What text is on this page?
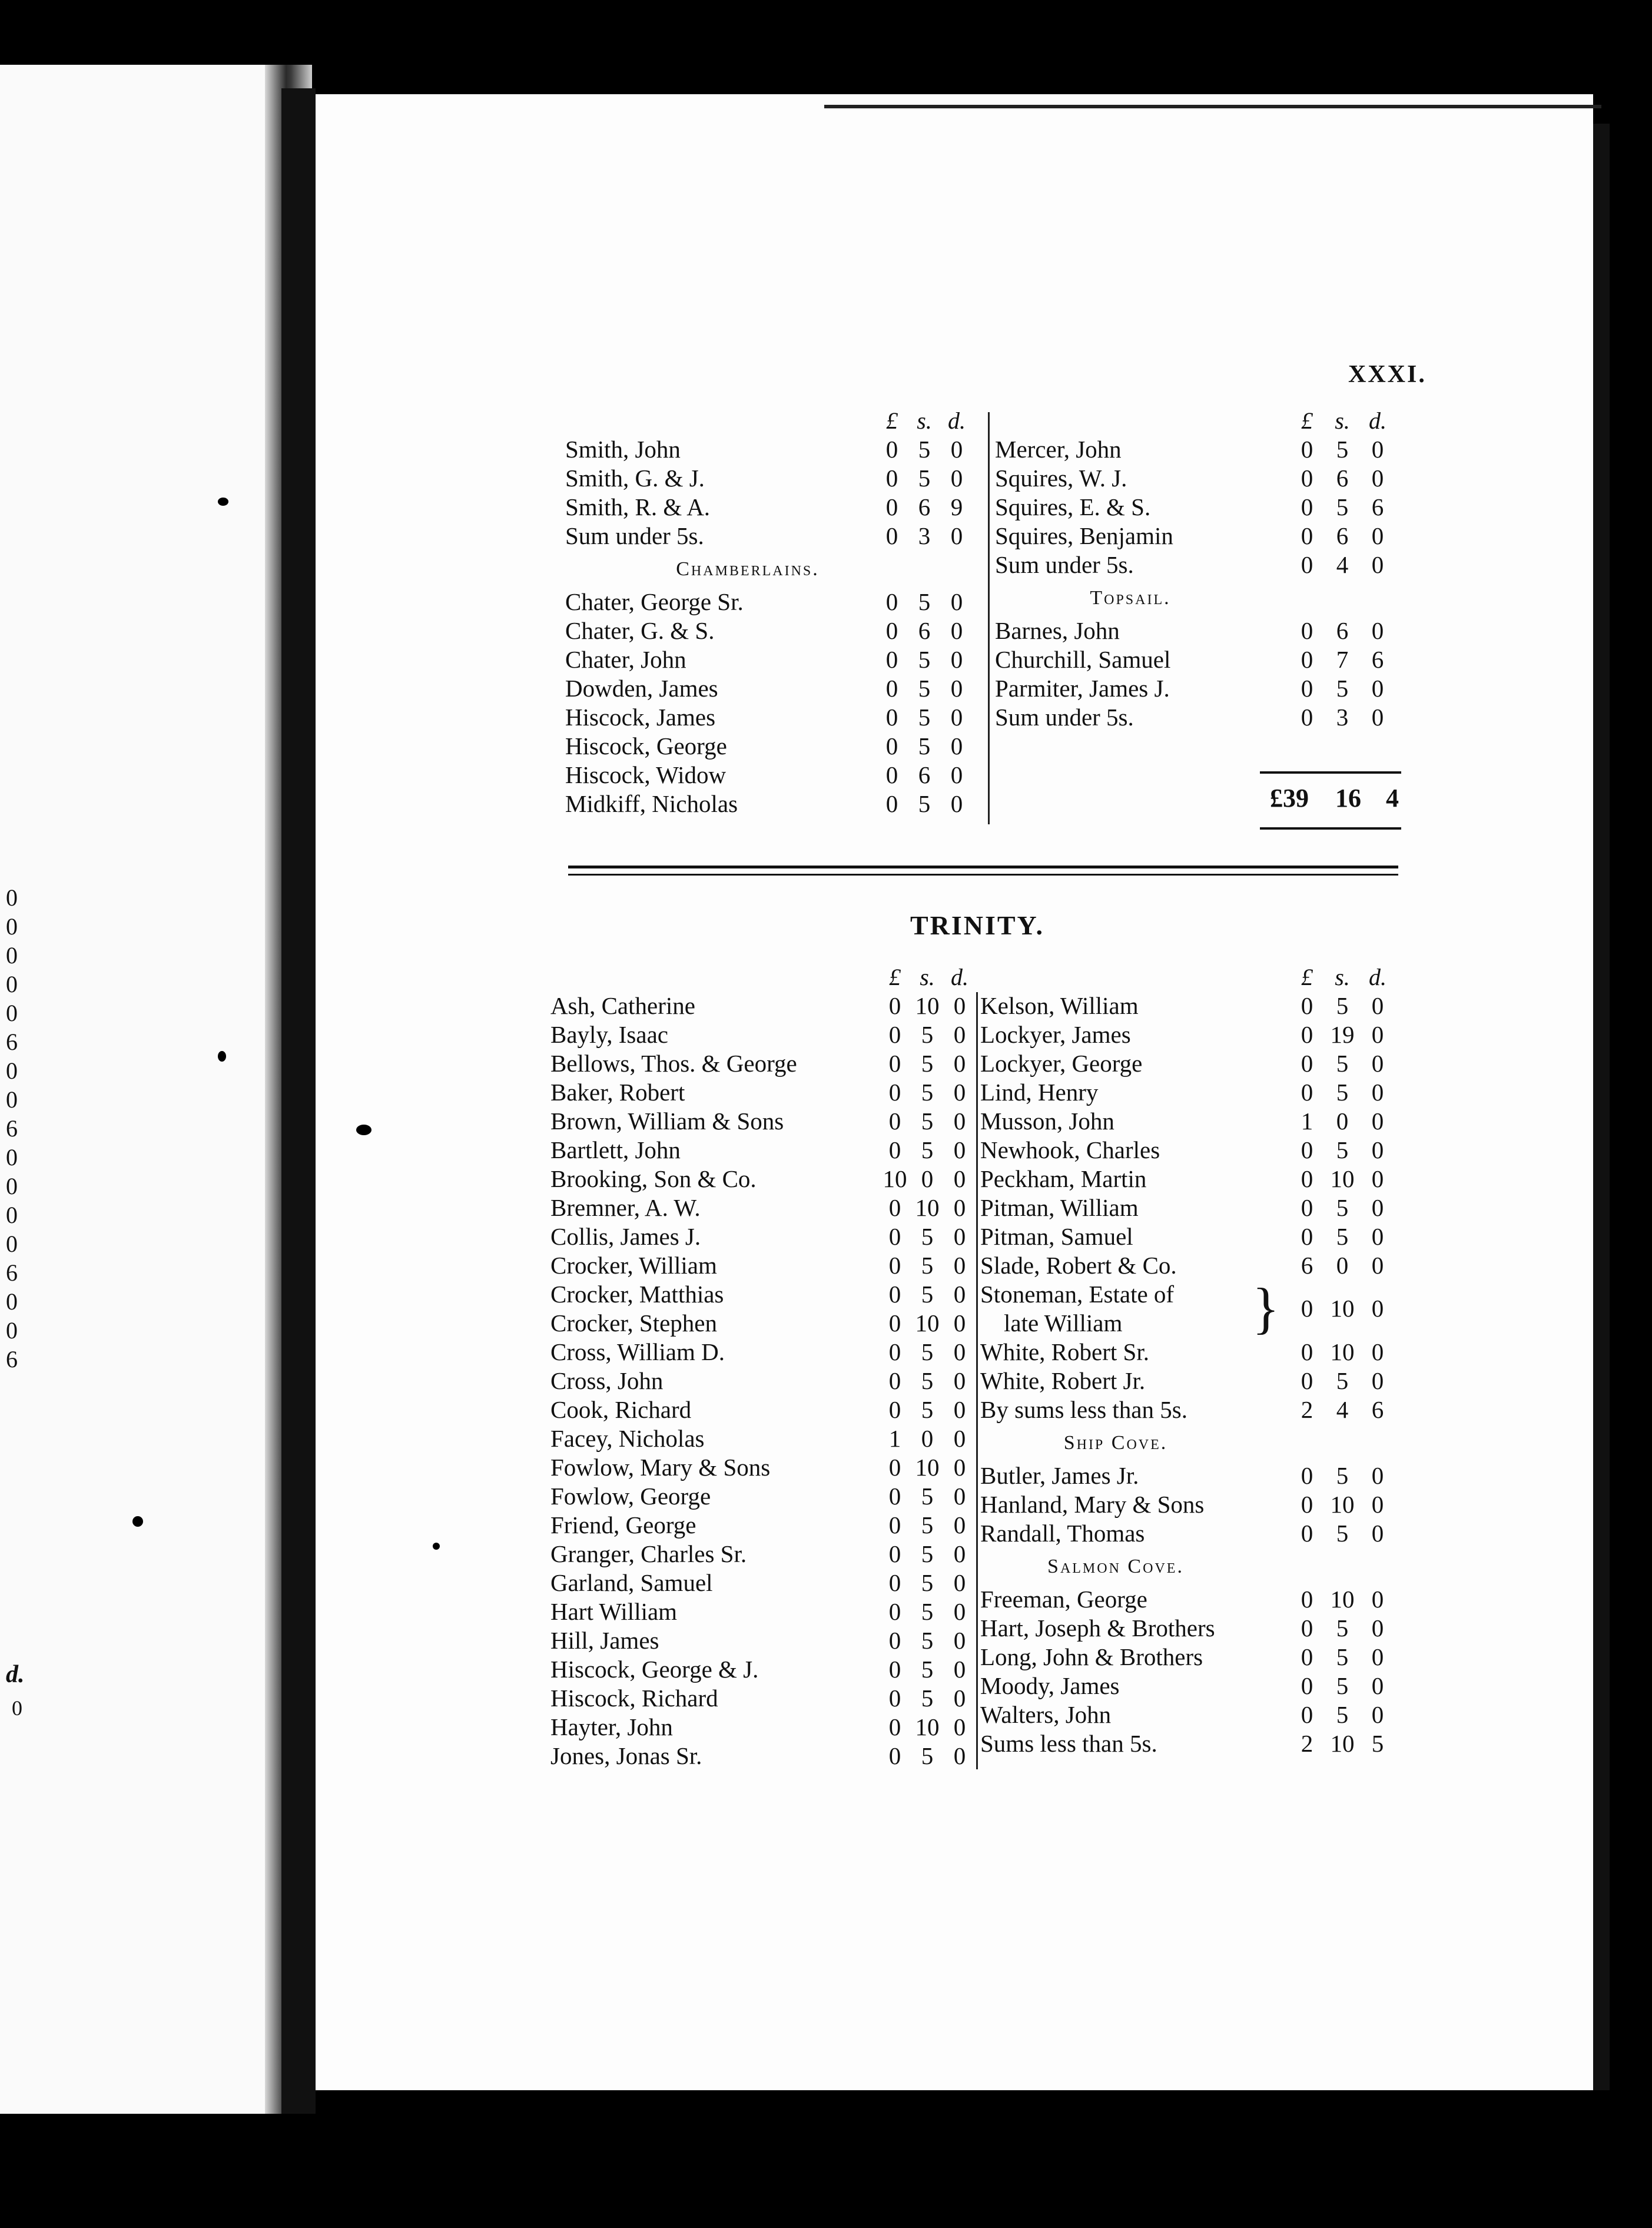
0
0
0
0
0
6
0
0
6
0
0
0
0
6
0
0
6
d.
0
XXXI.
£ s. d.
Smith, John	0 5 0
Smith, G. & J.	0 5 0
Smith, R. & A.	0 6 9
Sum under 5s.	0 3 0
Chamberlains.
Chater, George Sr.	0 5 0
Chater, G. & S.	0 6 0
Chater, John	0 5 0
Dowden, James	0 5 0
Hiscock, James	0 5 0
Hiscock, George	0 5 0
Hiscock, Widow	0 6 0
Midkiff, Nicholas	0 5 0
£ s. d.
Mercer, John	0 5 0
Squires, W. J.	0 6 0
Squires, E. & S.	0 5 6
Squires, Benjamin	0 6 0
Sum under 5s.	0 4 0
Topsail.
Barnes, John	0 6 0
Churchill, Samuel	0 7 6
Parmiter, James J.	0 5 0
Sum under 5s.	0 3 0
£39	16 4
TRINITY.
£ s. d.
Ash, Catherine	0 10 0
Bayly, Isaac	0 5 0
Bellows, Thos. & George	0 5 0
Baker, Robert	0 5 0
Brown, William & Sons	0 5 0
Bartlett, John	0 5 0
Brooking, Son & Co.	10 0 0
Bremner, A. W.	0 10 0
Collis, James J.	0 5 0
Crocker, William	0 5 0
Crocker, Matthias	0 5 0
Crocker, Stephen	0 10 0
Cross, William D.	0 5 0
Cross, John	0 5 0
Cook, Richard	0 5 0
Facey, Nicholas	1 0 0
Fowlow, Mary & Sons	0 10 0
Fowlow, George	0 5 0
Friend, George	0 5 0
Granger, Charles Sr.	0 5 0
Garland, Samuel	0 5 0
Hart William	0 5 0
Hill, James	0 5 0
Hiscock, George & J.	0 5 0
Hiscock, Richard	0 5 0
Hayter, John	0 10 0
Jones, Jonas Sr.	0 5 0
£ s. d.
Kelson, William	0 5 0
Lockyer, James	0 19 0
Lockyer, George	0 5 0
Lind, Henry	0 5 0
Musson, John	1 0 0
Newhook, Charles	0 5 0
Peckham, Martin	0 10 0
Pitman, William	0 5 0
Pitman, Samuel	0 5 0
Slade, Robert & Co.	6 0 0
Stoneman, Estate of
late William } 0 10 0
White, Robert Sr.	0 10 0
White, Robert Jr.	0 5 0
By sums less than 5s.	2 4 6
Ship Cove.
Butler, James Jr.	0 5 0
Hanland, Mary & Sons	0 10 0
Randall, Thomas	0 5 0
Salmon Cove.
Freeman, George	0 10 0
Hart, Joseph & Brothers	0 5 0
Long, John & Brothers	0 5 0
Moody, James	0 5 0
Walters, John	0 5 0
Sums less than 5s.	2 10 5
